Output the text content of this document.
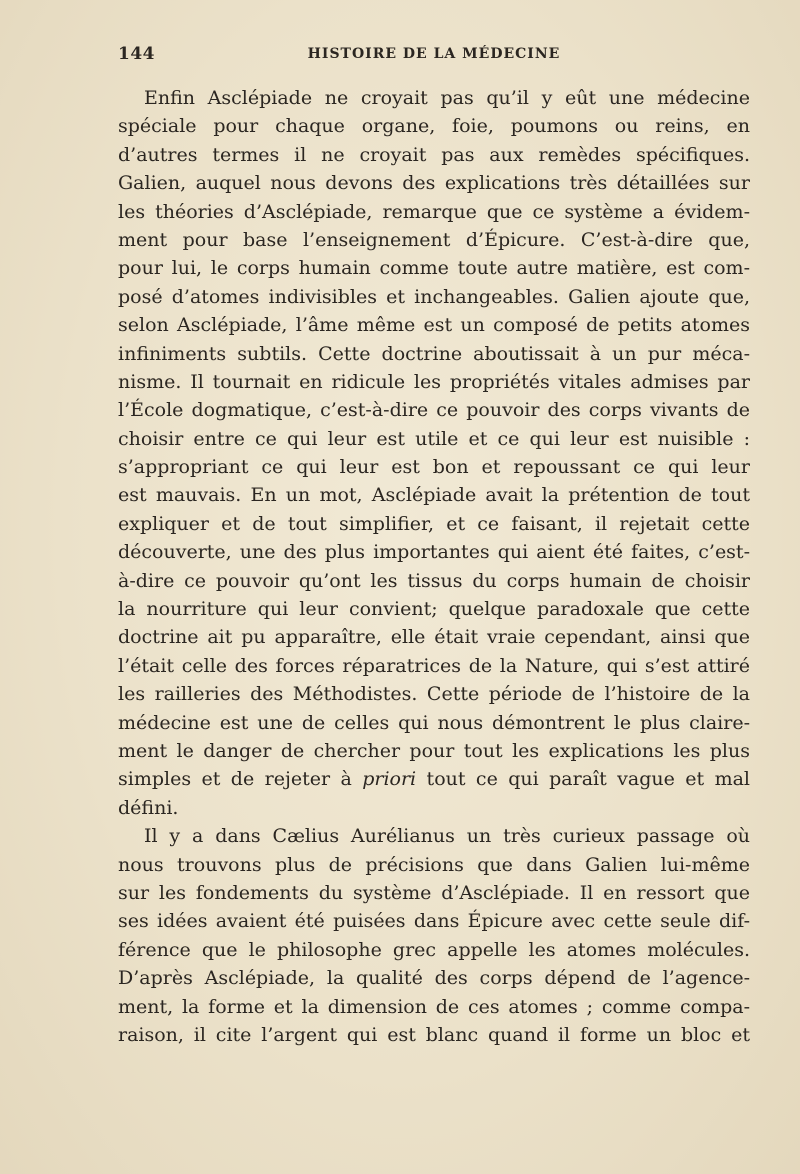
144	HISTOIRE DE LA MÉDECINE
Enfin Asclépiade ne croyait pas qu’il y eût une médecine
spéciale pour chaque organe, foie, poumons ou reins, en
d’autres termes il ne croyait pas aux remèdes spécifiques.
Galien, auquel nous devons des explications très détaillées sur
les théories d’Asclépiade, remarque que ce système a évidem-
ment pour base l’enseignement d’Épicure. C’est-à-dire que,
pour lui, le corps humain comme toute autre matière, est com-
posé d’atomes indivisibles et inchangeables. Galien ajoute que,
selon Asclépiade, l’âme même est un composé de petits atomes
infiniments subtils. Cette doctrine aboutissait à un pur méca-
nisme. Il tournait en ridicule les propriétés vitales admises par
l’École dogmatique, c’est-à-dire ce pouvoir des corps vivants de
choisir entre ce qui leur est utile et ce qui leur est nuisible :
s’appropriant ce qui leur est bon et repoussant ce qui leur
est mauvais. En un mot, Asclépiade avait la prétention de tout
expliquer et de tout simplifier, et ce faisant, il rejetait cette
découverte, une des plus importantes qui aient été faites, c’est-
à-dire ce pouvoir qu’ont les tissus du corps humain de choisir
la nourriture qui leur convient; quelque paradoxale que cette
doctrine ait pu apparaître, elle était vraie cependant, ainsi que
l’était celle des forces réparatrices de la Nature, qui s’est attiré
les railleries des Méthodistes. Cette période de l’histoire de la
médecine est une de celles qui nous démontrent le plus claire-
ment le danger de chercher pour tout les explications les plus
simples et de rejeter à priori tout ce qui paraît vague et mal
défini.
Il y a dans Cælius Aurélianus un très curieux passage où
nous trouvons plus de précisions que dans Galien lui-même
sur les fondements du système d’Asclépiade. Il en ressort que
ses idées avaient été puisées dans Épicure avec cette seule dif-
férence que le philosophe grec appelle les atomes molécules.
D’après Asclépiade, la qualité des corps dépend de l’agence-
ment, la forme et la dimension de ces atomes ; comme compa-
raison, il cite l’argent qui est blanc quand il forme un bloc et
